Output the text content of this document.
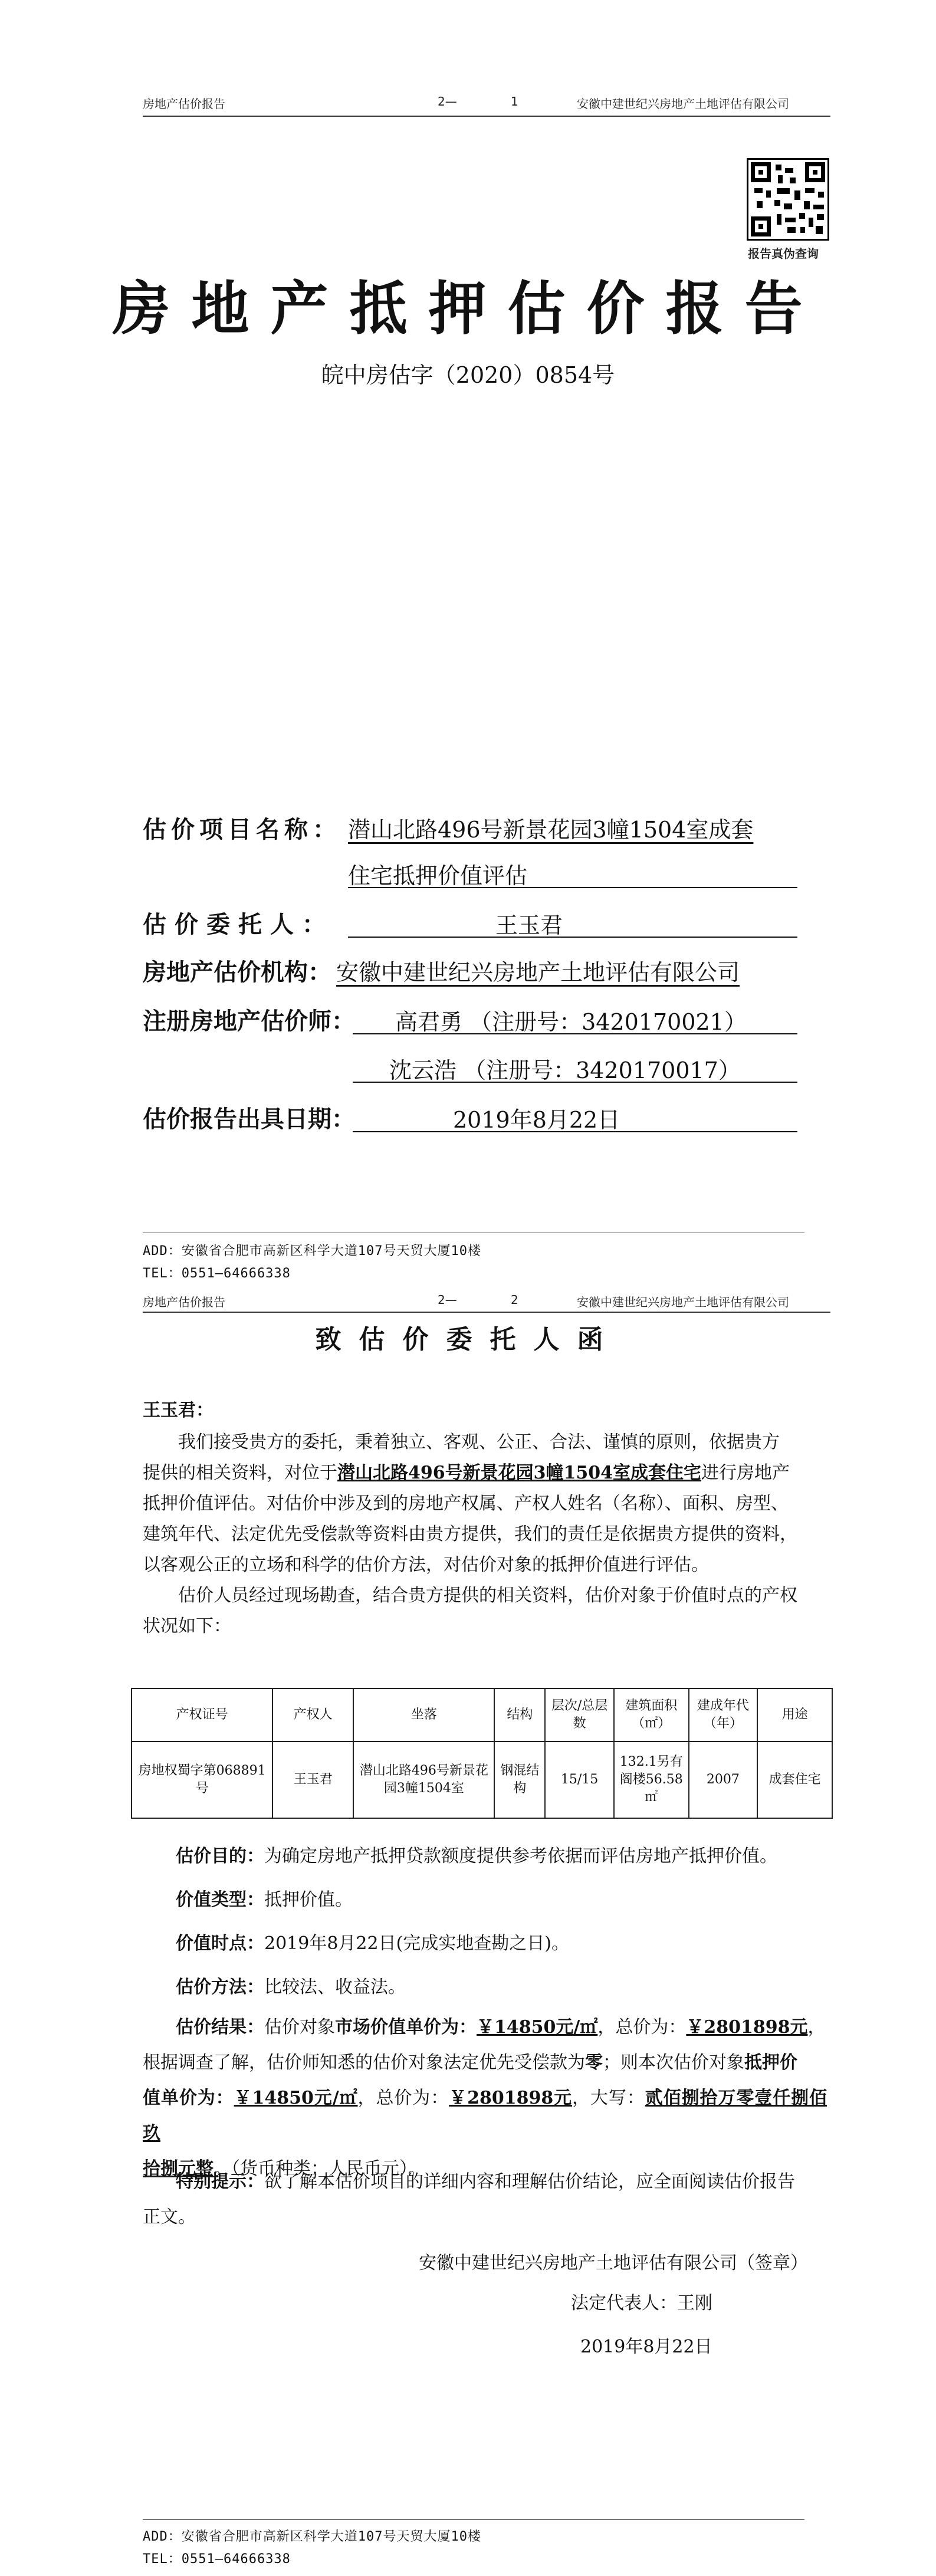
房地产估价报告	2—	1	安徽中建世纪兴房地产土地评估有限公司
报告真伪查询
房地产抵押估价报告
皖中房估字（2020）0854号
估价项目名称： 潜山北路496号新景花园3幢1504室成套
住宅抵押价值评估
估价委托人：	王玉君
房地产估价机构： 安徽中建世纪兴房地产土地评估有限公司
注册房地产估价师： 高君勇 （注册号：3420170021）
沈云浩 （注册号：3420170017）
估价报告出具日期：	2019年8月22日
ADD：安徽省合肥市高新区科学大道107号天贸大厦10楼
TEL：0551—64666338
房地产估价报告	2—	2	安徽中建世纪兴房地产土地评估有限公司
致估价委托人函
王玉君：
我们接受贵方的委托，秉着独立、客观、公正、合法、谨慎的原则，依据贵方
提供的相关资料，对位于潜山北路496号新景花园3幢1504室成套住宅进行房地产
抵押价值评估。对估价中涉及到的房地产权属、产权人姓名（名称）、面积、房型、
建筑年代、法定优先受偿款等资料由贵方提供，我们的责任是依据贵方提供的资料，
以客观公正的立场和科学的估价方法，对估价对象的抵押价值进行评估。
估价人员经过现场勘查，结合贵方提供的相关资料，估价对象于价值时点的产权
状况如下：
产权证号	产权人	坐落	结构	层次/总层数	建筑面积（㎡）	建成年代（年）	用途
房地权蜀字第068891号	王玉君	潜山北路496号新景花园3幢1504室	钢混结构	15/15	132.1另有阁楼56.58㎡	2007	成套住宅
估价目的：为确定房地产抵押贷款额度提供参考依据而评估房地产抵押价值。
价值类型：抵押价值。
价值时点：2019年8月22日(完成实地查勘之日)。
估价方法：比较法、收益法。
估价结果：估价对象市场价值单价为：￥14850元/㎡，总价为：￥2801898元，
根据调查了解，估价师知悉的估价对象法定优先受偿款为零；则本次估价对象抵押价
值单价为：￥14850元/㎡，总价为：￥2801898元，大写：贰佰捌拾万零壹仟捌佰玖
拾捌元整。（货币种类：人民币元）。
特别提示：欲了解本估价项目的详细内容和理解估价结论，应全面阅读估价报告
正文。
安徽中建世纪兴房地产土地评估有限公司（签章）
法定代表人：王刚
2019年8月22日
ADD：安徽省合肥市高新区科学大道107号天贸大厦10楼
TEL：0551—64666338
